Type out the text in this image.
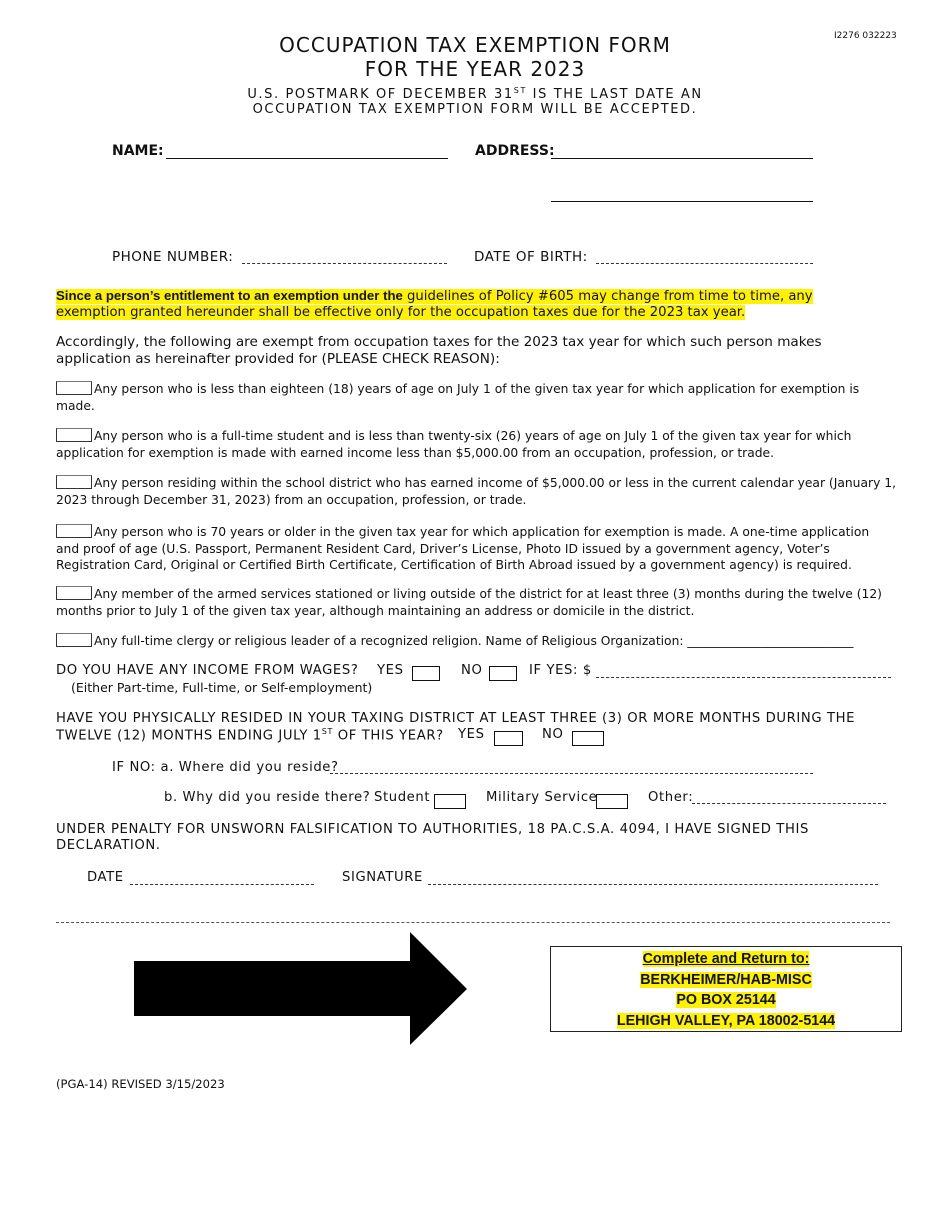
I2276 032223
OCCUPATION TAX EXEMPTION FORM
FOR THE YEAR 2023
U.S. POSTMARK OF DECEMBER 31ST IS THE LAST DATE AN
OCCUPATION TAX EXEMPTION FORM WILL BE ACCEPTED.
NAME:	ADDRESS:
PHONE NUMBER:	DATE OF BIRTH:
Since a person’s entitlement to an exemption under the guidelines of Policy #605 may change from time to time, any exemption granted hereunder shall be effective only for the occupation taxes due for the 2023 tax year.
Accordingly, the following are exempt from occupation taxes for the 2023 tax year for which such person makes application as hereinafter provided for (PLEASE CHECK REASON):
Any person who is less than eighteen (18) years of age on July 1 of the given tax year for which application for exemption is made.
Any person who is a full-time student and is less than twenty-six (26) years of age on July 1 of the given tax year for which application for exemption is made with earned income less than $5,000.00 from an occupation, profession, or trade.
Any person residing within the school district who has earned income of $5,000.00 or less in the current calendar year (January 1, 2023 through December 31, 2023) from an occupation, profession, or trade.
Any person who is 70 years or older in the given tax year for which application for exemption is made. A one-time application and proof of age (U.S. Passport, Permanent Resident Card, Driver’s License, Photo ID issued by a government agency, Voter’s Registration Card, Original or Certified Birth Certificate, Certification of Birth Abroad issued by a government agency) is required.
Any member of the armed services stationed or living outside of the district for at least three (3) months during the twelve (12) months prior to July 1 of the given tax year, although maintaining an address or domicile in the district.
Any full-time clergy or religious leader of a recognized religion. Name of Religious Organization: ___________________________
DO YOU HAVE ANY INCOME FROM WAGES? YES	NO	IF YES: $
(Either Part-time, Full-time, or Self-employment)
HAVE YOU PHYSICALLY RESIDED IN YOUR TAXING DISTRICT AT LEAST THREE (3) OR MORE MONTHS DURING THE
TWELVE (12) MONTHS ENDING JULY 1ST OF THIS YEAR? YES	NO
IF NO: a. Where did you reside?
b. Why did you reside there? Student	Military Service	Other:
UNDER PENALTY FOR UNSWORN FALSIFICATION TO AUTHORITIES, 18 PA.C.S.A. 4094, I HAVE SIGNED THIS
DECLARATION.
DATE	SIGNATURE
Complete and Return to:
BERKHEIMER/HAB-MISC
PO BOX 25144
LEHIGH VALLEY, PA 18002-5144
(PGA-14) REVISED 3/15/2023
